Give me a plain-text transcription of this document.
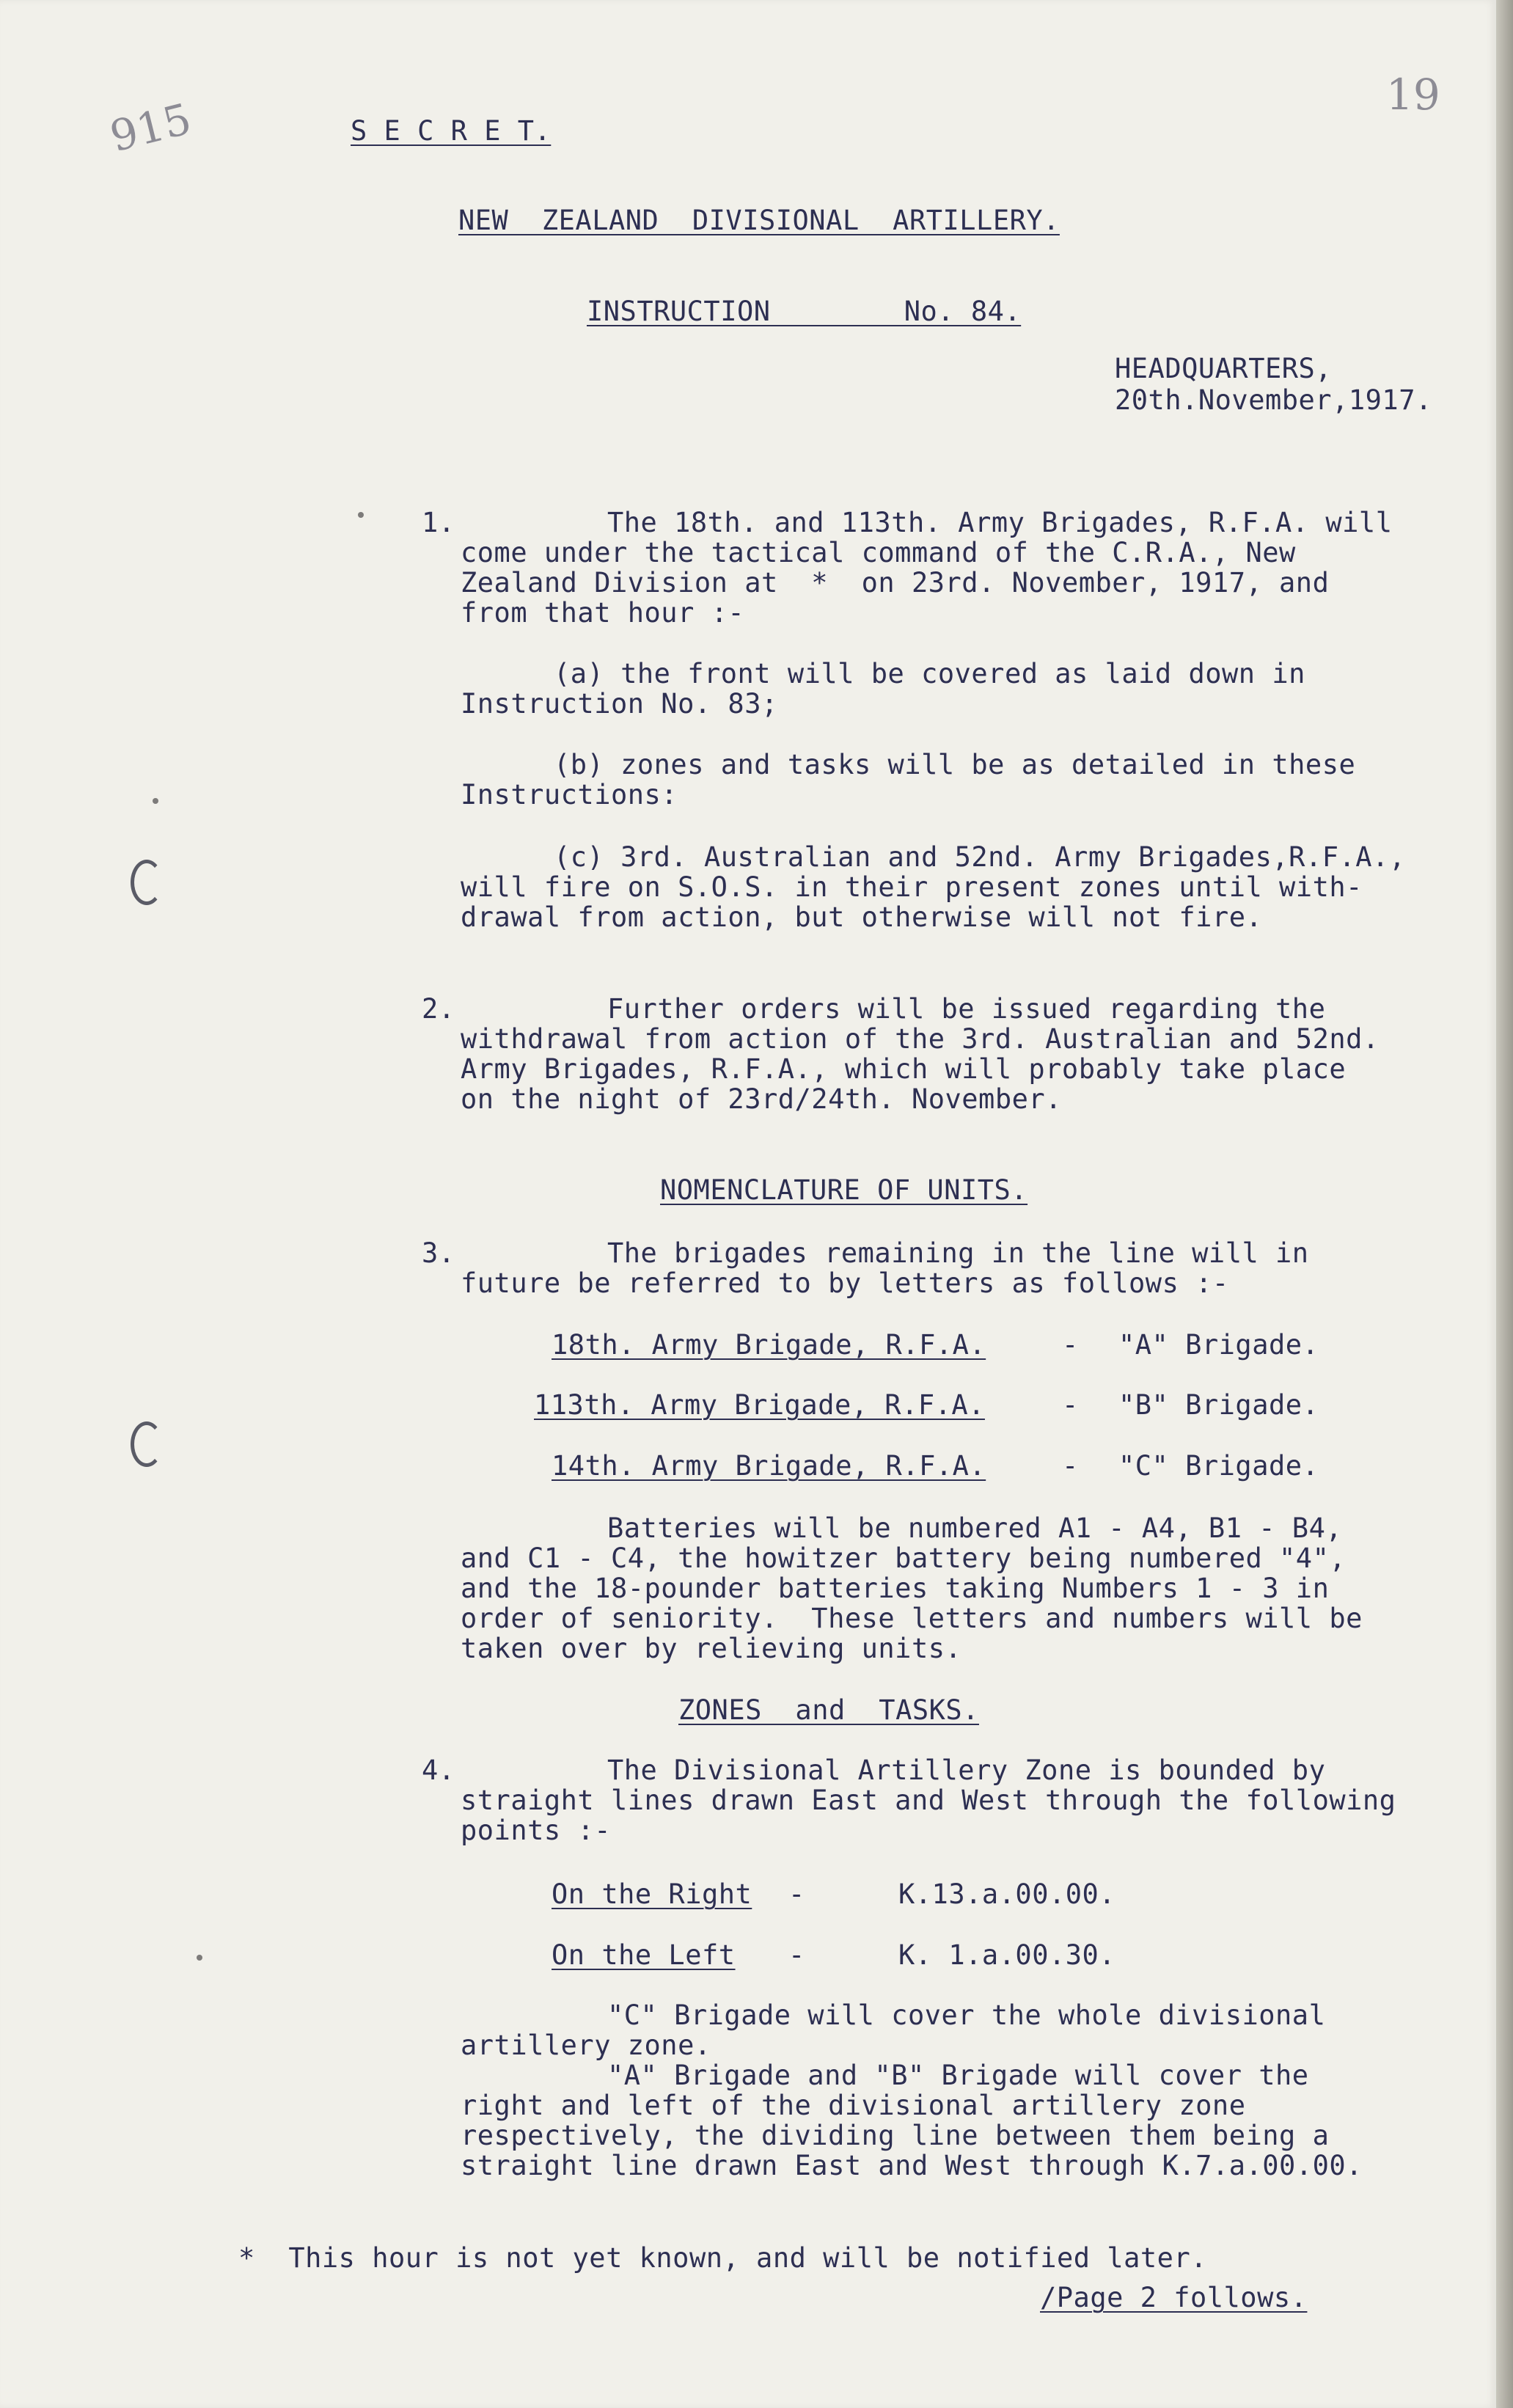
915	19

S E C R E T.

NEW  ZEALAND  DIVISIONAL  ARTILLERY.

INSTRUCTION        No. 84.

HEADQUARTERS,

20th.November,1917.

1.	The 18th. and 113th. Army Brigades, R.F.A. will

come under the tactical command of the C.R.A., New

Zealand Division at  *  on 23rd. November, 1917, and

from that hour :-

(a) the front will be covered as laid down in

Instruction No. 83;

(b) zones and tasks will be as detailed in these

Instructions:

(c) 3rd. Australian and 52nd. Army Brigades,R.F.A.,

will fire on S.O.S. in their present zones until with-

drawal from action, but otherwise will not fire.

2.	Further orders will be issued regarding the

withdrawal from action of the 3rd. Australian and 52nd.

Army Brigades, R.F.A., which will probably take place

on the night of 23rd/24th. November.

NOMENCLATURE OF UNITS.

3.	The brigades remaining in the line will in

future be referred to by letters as follows :-

18th. Army Brigade, R.F.A.	- "A" Brigade.

113th. Army Brigade, R.F.A.	- "B" Brigade.

14th. Army Brigade, R.F.A.	- "C" Brigade.

Batteries will be numbered A1 - A4, B1 - B4,

and C1 - C4, the howitzer battery being numbered "4",

and the 18-pounder batteries taking Numbers 1 - 3 in

order of seniority.  These letters and numbers will be

taken over by relieving units.

ZONES  and  TASKS.

4.	The Divisional Artillery Zone is bounded by

straight lines drawn East and West through the following

points :-

On the Right -	K.13.a.00.00.

On the Left -	K. 1.a.00.30.

"C" Brigade will cover the whole divisional

artillery zone.

"A" Brigade and "B" Brigade will cover the

right and left of the divisional artillery zone

respectively, the dividing line between them being a

straight line drawn East and West through K.7.a.00.00.

*  This hour is not yet known, and will be notified later.

/Page 2 follows.
